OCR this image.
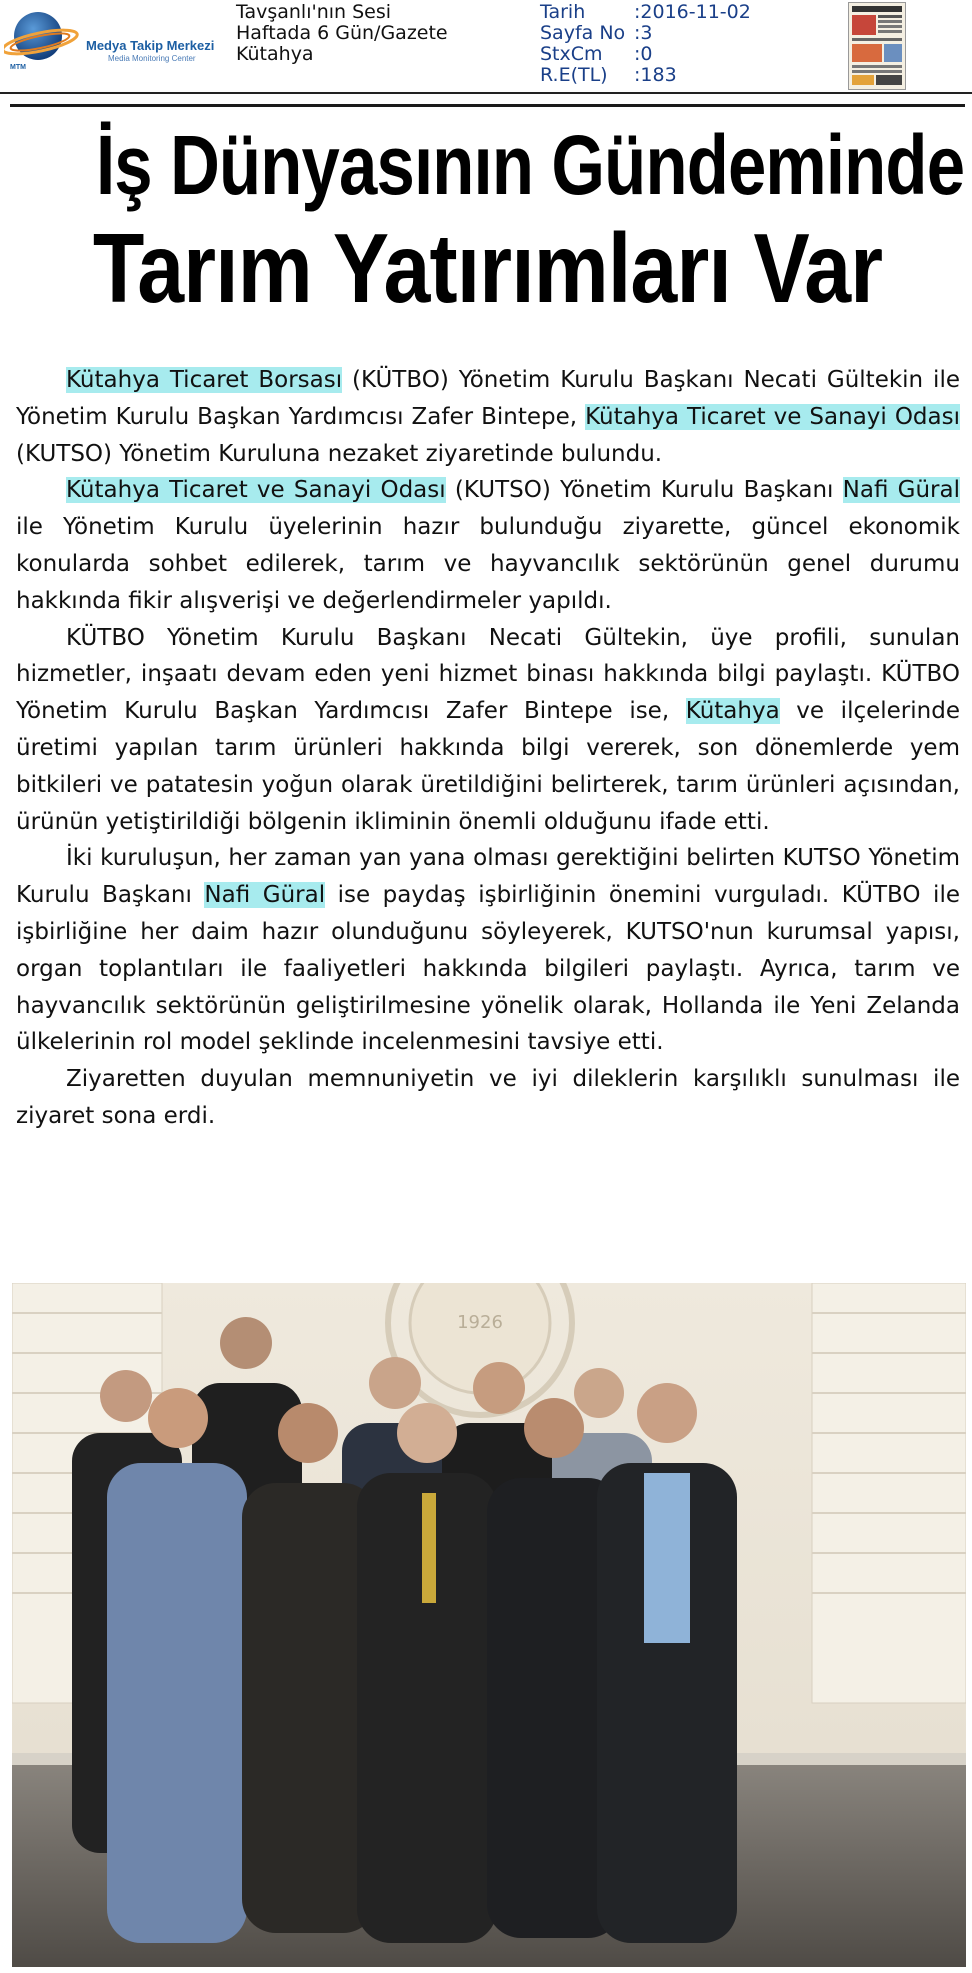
Medya Takip Merkezi
Media Monitoring Center
MTM
Tavşanlı'nın Sesi
Haftada 6 Gün/Gazete
Kütahya
Tarih	:2016-11-02
Sayfa No :3
StxCm	:0
R.E(TL)	:183
İş Dünyasının Gündeminde
Tarım Yatırımları Var

Kütahya Ticaret Borsası (KÜTBO) Yönetim Kurulu Başkanı Necati Gültekin ile Yönetim Kurulu Başkan Yardımcısı Zafer Bintepe, Kütahya Ticaret ve Sanayi Odası (KUTSO) Yönetim Kuruluna nezaket ziyaretinde bulundu.

Kütahya Ticaret ve Sanayi Odası (KUTSO) Yönetim Kurulu Başkanı Nafi Güral ile Yönetim Kurulu üyelerinin hazır bulunduğu ziyarette, güncel ekonomik konularda sohbet edilerek, tarım ve hayvancılık sektörünün genel durumu hakkında fikir alışverişi ve değerlendirmeler yapıldı.

KÜTBO Yönetim Kurulu Başkanı Necati Gültekin, üye profili, sunulan hizmetler, inşaatı devam eden yeni hizmet binası hakkında bilgi paylaştı. KÜTBO Yönetim Kurulu Başkan Yardımcısı Zafer Bintepe ise, Kütahya ve ilçelerinde üretimi yapılan tarım ürünleri hakkında bilgi vererek, son dönemlerde yem bitkileri ve patatesin yoğun olarak üretildiğini belirterek, tarım ürünleri açısından, ürünün yetiştirildiği bölgenin ikliminin önemli olduğunu ifade etti.

İki kuruluşun, her zaman yan yana olması gerektiğini belirten KUTSO Yönetim Kurulu Başkanı Nafi Güral ise paydaş işbirliğinin önemini vurguladı. KÜTBO ile işbirliğine her daim hazır olunduğunu söyleyerek, KUTSO'nun kurumsal yapısı, organ toplantıları ile faaliyetleri hakkında bilgileri paylaştı. Ayrıca, tarım ve hayvancılık sektörünün geliştirilmesine yönelik olarak, Hollanda ile Yeni Zelanda ülkelerinin rol model şeklinde incelenmesini tavsiye etti.

Ziyaretten duyulan memnuniyetin ve iyi dileklerin karşılıklı sunulması ile ziyaret sona erdi.

1926
